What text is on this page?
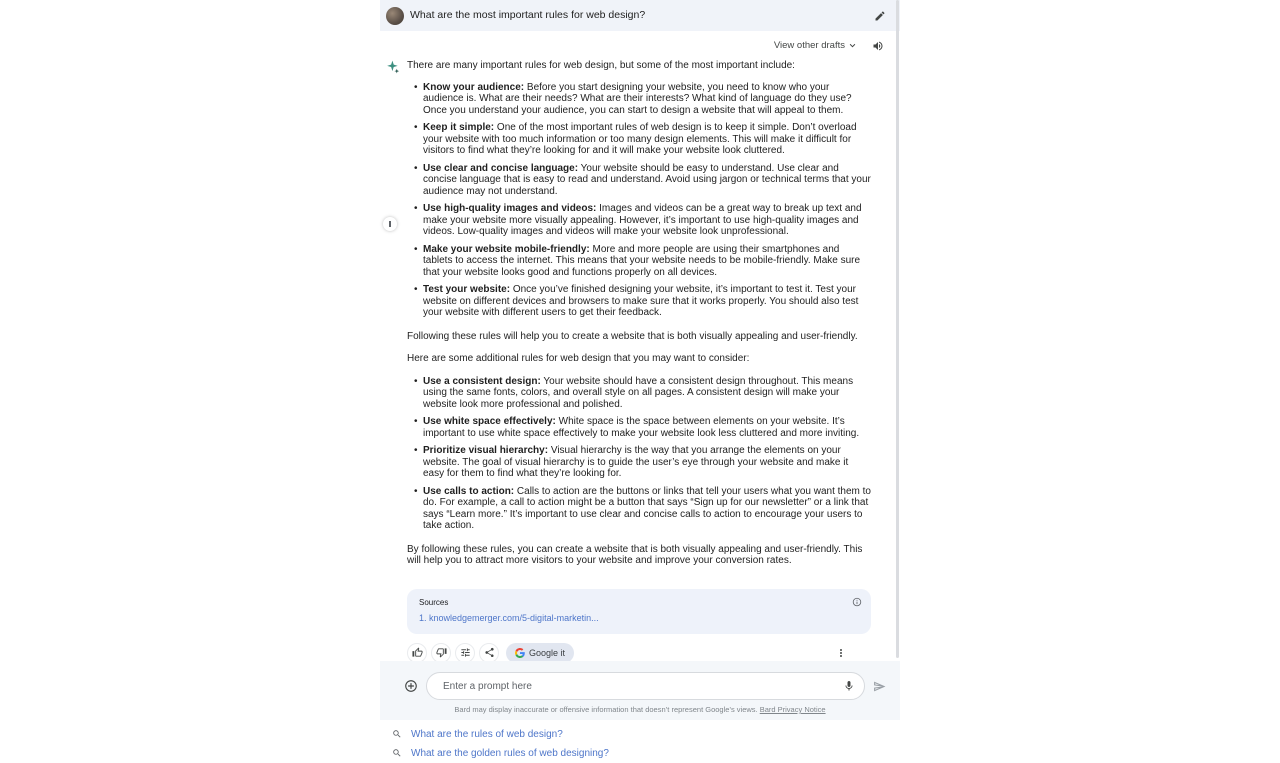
What are the most important rules for web design?
View other drafts

There are many important rules for web design, but some of the most important include:

• Know your audience: Before you start designing your website, you need to know who your audience is. What are their needs? What are their interests? What kind of language do they use? Once you understand your audience, you can start to design a website that will appeal to them.
• Keep it simple: One of the most important rules of web design is to keep it simple. Don’t overload your website with too much information or too many design elements. This will make it difficult for visitors to find what they’re looking for and it will make your website look cluttered.
• Use clear and concise language: Your website should be easy to understand. Use clear and concise language that is easy to read and understand. Avoid using jargon or technical terms that your audience may not understand.
• Use high-quality images and videos: Images and videos can be a great way to break up text and make your website more visually appealing. However, it’s important to use high-quality images and videos. Low-quality images and videos will make your website look unprofessional.
• Make your website mobile-friendly: More and more people are using their smartphones and tablets to access the internet. This means that your website needs to be mobile-friendly. Make sure that your website looks good and functions properly on all devices.
• Test your website: Once you’ve finished designing your website, it’s important to test it. Test your website on different devices and browsers to make sure that it works properly. You should also test your website with different users to get their feedback.

Following these rules will help you to create a website that is both visually appealing and user-friendly.

Here are some additional rules for web design that you may want to consider:

• Use a consistent design: Your website should have a consistent design throughout. This means using the same fonts, colors, and overall style on all pages. A consistent design will make your website look more professional and polished.
• Use white space effectively: White space is the space between elements on your website. It’s important to use white space effectively to make your website look less cluttered and more inviting.
• Prioritize visual hierarchy: Visual hierarchy is the way that you arrange the elements on your website. The goal of visual hierarchy is to guide the user’s eye through your website and make it easy for them to find what they’re looking for.
• Use calls to action: Calls to action are the buttons or links that tell your users what you want them to do. For example, a call to action might be a button that says “Sign up for our newsletter” or a link that says “Learn more.” It’s important to use clear and concise calls to action to encourage your users to take action.

By following these rules, you can create a website that is both visually appealing and user-friendly. This will help you to attract more visitors to your website and improve your conversion rates.

Sources
1. knowledgemerger.com/5-digital-marketin...
Google it
What are the rules of web design?
What are the golden rules of web designing?
Enter a prompt here
Bard may display inaccurate or offensive information that doesn’t represent Google’s views. Bard Privacy Notice
